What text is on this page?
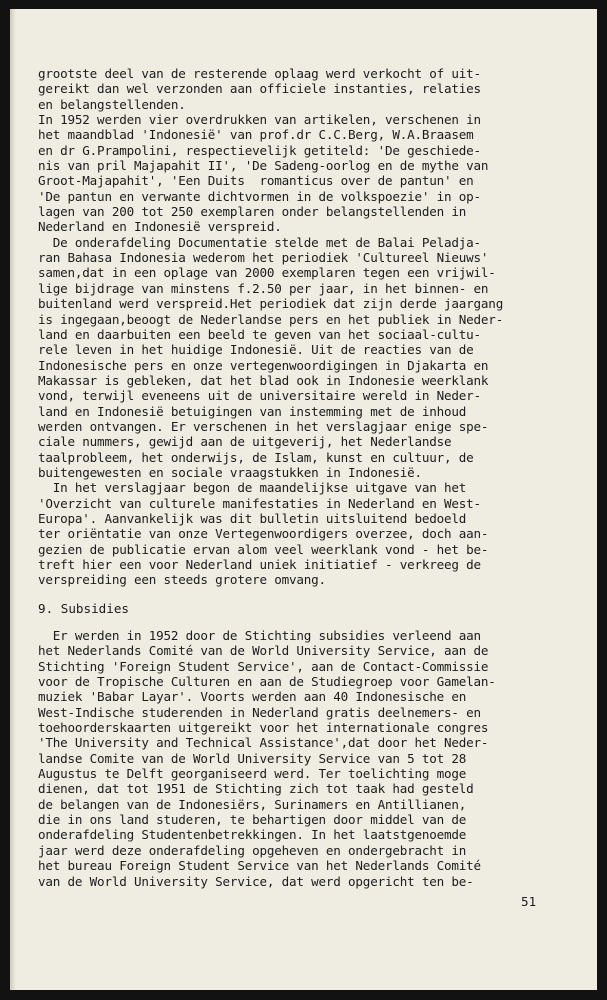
grootste deel van de resterende oplaag werd verkocht of uit-
gereikt dan wel verzonden aan officiele instanties, relaties
en belangstellenden.
In 1952 werden vier overdrukken van artikelen, verschenen in
het maandblad 'Indonesië' van prof.dr C.C.Berg, W.A.Braasem
en dr G.Prampolini, respectievelijk getiteld: 'De geschiede-
nis van pril Majapahit II', 'De Sadeng-oorlog en de mythe van
Groot-Majapahit', 'Een Duits  romanticus over de pantun' en
'De pantun en verwante dichtvormen in de volkspoezie' in op-
lagen van 200 tot 250 exemplaren onder belangstellenden in
Nederland en Indonesië verspreid.
De onderafdeling Documentatie stelde met de Balai Peladja-
ran Bahasa Indonesia wederom het periodiek 'Cultureel Nieuws'
samen,dat in een oplage van 2000 exemplaren tegen een vrijwil-
lige bijdrage van minstens f.2.50 per jaar, in het binnen- en
buitenland werd verspreid.Het periodiek dat zijn derde jaargang
is ingegaan,beoogt de Nederlandse pers en het publiek in Neder-
land en daarbuiten een beeld te geven van het sociaal-cultu-
rele leven in het huidige Indonesië. Uit de reacties van de
Indonesische pers en onze vertegenwoordigingen in Djakarta en
Makassar is gebleken, dat het blad ook in Indonesie weerklank
vond, terwijl eveneens uit de universitaire wereld in Neder-
land en Indonesië betuigingen van instemming met de inhoud
werden ontvangen. Er verschenen in het verslagjaar enige spe-
ciale nummers, gewijd aan de uitgeverij, het Nederlandse
taalprobleem, het onderwijs, de Islam, kunst en cultuur, de
buitengewesten en sociale vraagstukken in Indonesië.
In het verslagjaar begon de maandelijkse uitgave van het
'Overzicht van culturele manifestaties in Nederland en West-
Europa'. Aanvankelijk was dit bulletin uitsluitend bedoeld
ter oriëntatie van onze Vertegenwoordigers overzee, doch aan-
gezien de publicatie ervan alom veel weerklank vond - het be-
treft hier een voor Nederland uniek initiatief - verkreeg de
verspreiding een steeds grotere omvang.
9. Subsidies
Er werden in 1952 door de Stichting subsidies verleend aan
het Nederlands Comité van de World University Service, aan de
Stichting 'Foreign Student Service', aan de Contact-Commissie
voor de Tropische Culturen en aan de Studiegroep voor Gamelan-
muziek 'Babar Layar'. Voorts werden aan 40 Indonesische en
West-Indische studerenden in Nederland gratis deelnemers- en
toehoorderskaarten uitgereikt voor het internationale congres
'The University and Technical Assistance',dat door het Neder-
landse Comite van de World University Service van 5 tot 28
Augustus te Delft georganiseerd werd. Ter toelichting moge
dienen, dat tot 1951 de Stichting zich tot taak had gesteld
de belangen van de Indonesiërs, Surinamers en Antillianen,
die in ons land studeren, te behartigen door middel van de
onderafdeling Studentenbetrekkingen. In het laatstgenoemde
jaar werd deze onderafdeling opgeheven en ondergebracht in
het bureau Foreign Student Service van het Nederlands Comité
van de World University Service, dat werd opgericht ten be-
51
